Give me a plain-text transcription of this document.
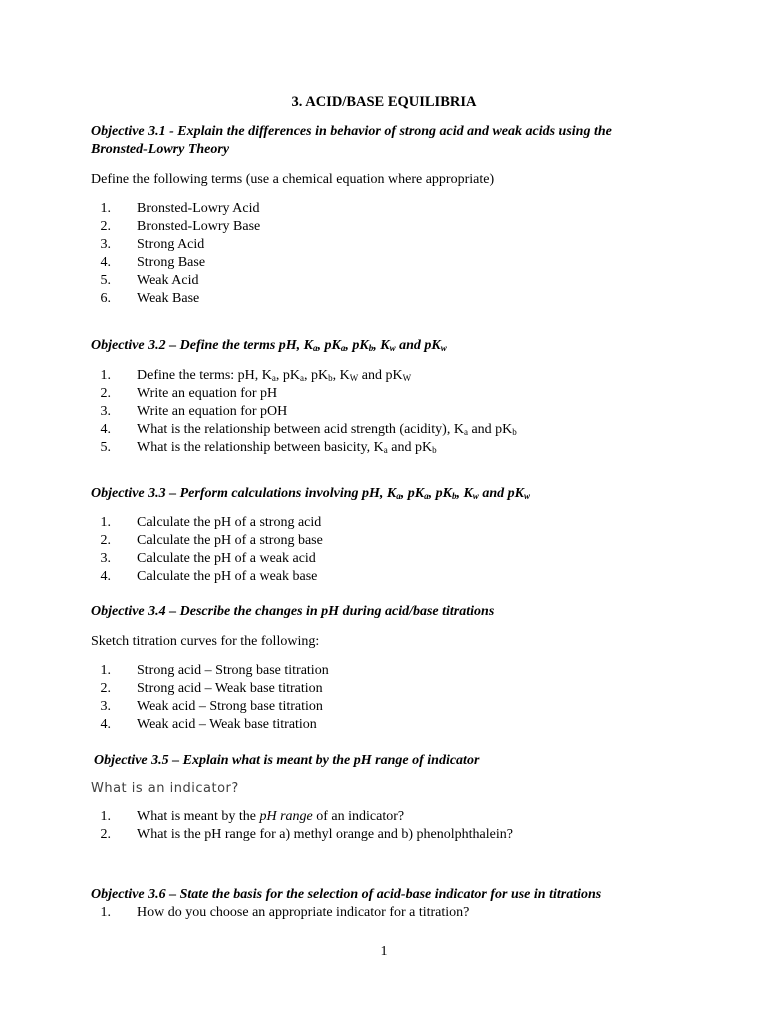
3. ACID/BASE EQUILIBRIA
Objective 3.1 - Explain the differences in behavior of strong acid and weak acids using the
Bronsted-Lowry Theory
Define the following terms (use a chemical equation where appropriate)
1. Bronsted-Lowry Acid
2. Bronsted-Lowry Base
3. Strong Acid
4. Strong Base
5. Weak Acid
6. Weak Base
Objective 3.2 – Define the terms pH, $K_a$, $pK_a$, $pK_b$, $K_w$ and $pK_w$
1. Define the terms: pH, $K_a$, $pK_a$, $pK_b$, $K_W$ and $pK_W$
2. Write an equation for pH
3. Write an equation for pOH
4. What is the relationship between acid strength (acidity), $K_a$ and $pK_b$
5. What is the relationship between basicity, $K_a$ and $pK_b$
Objective 3.3 – Perform calculations involving pH, $K_a$, $pK_a$, $pK_b$, $K_w$ and $pK_w$
1. Calculate the pH of a strong acid
2. Calculate the pH of a strong base
3. Calculate the pH of a weak acid
4. Calculate the pH of a weak base
Objective 3.4 – Describe the changes in pH during acid/base titrations
Sketch titration curves for the following:
1. Strong acid – Strong base titration
2. Strong acid – Weak base titration
3. Weak acid – Strong base titration
4. Weak acid – Weak base titration
Objective 3.5 – Explain what is meant by the pH range of indicator
What is an indicator?
1. What is meant by the pH range of an indicator?
2. What is the pH range for a) methyl orange and b) phenolphthalein?
Objective 3.6 – State the basis for the selection of acid-base indicator for use in titrations
1. How do you choose an appropriate indicator for a titration?
1
